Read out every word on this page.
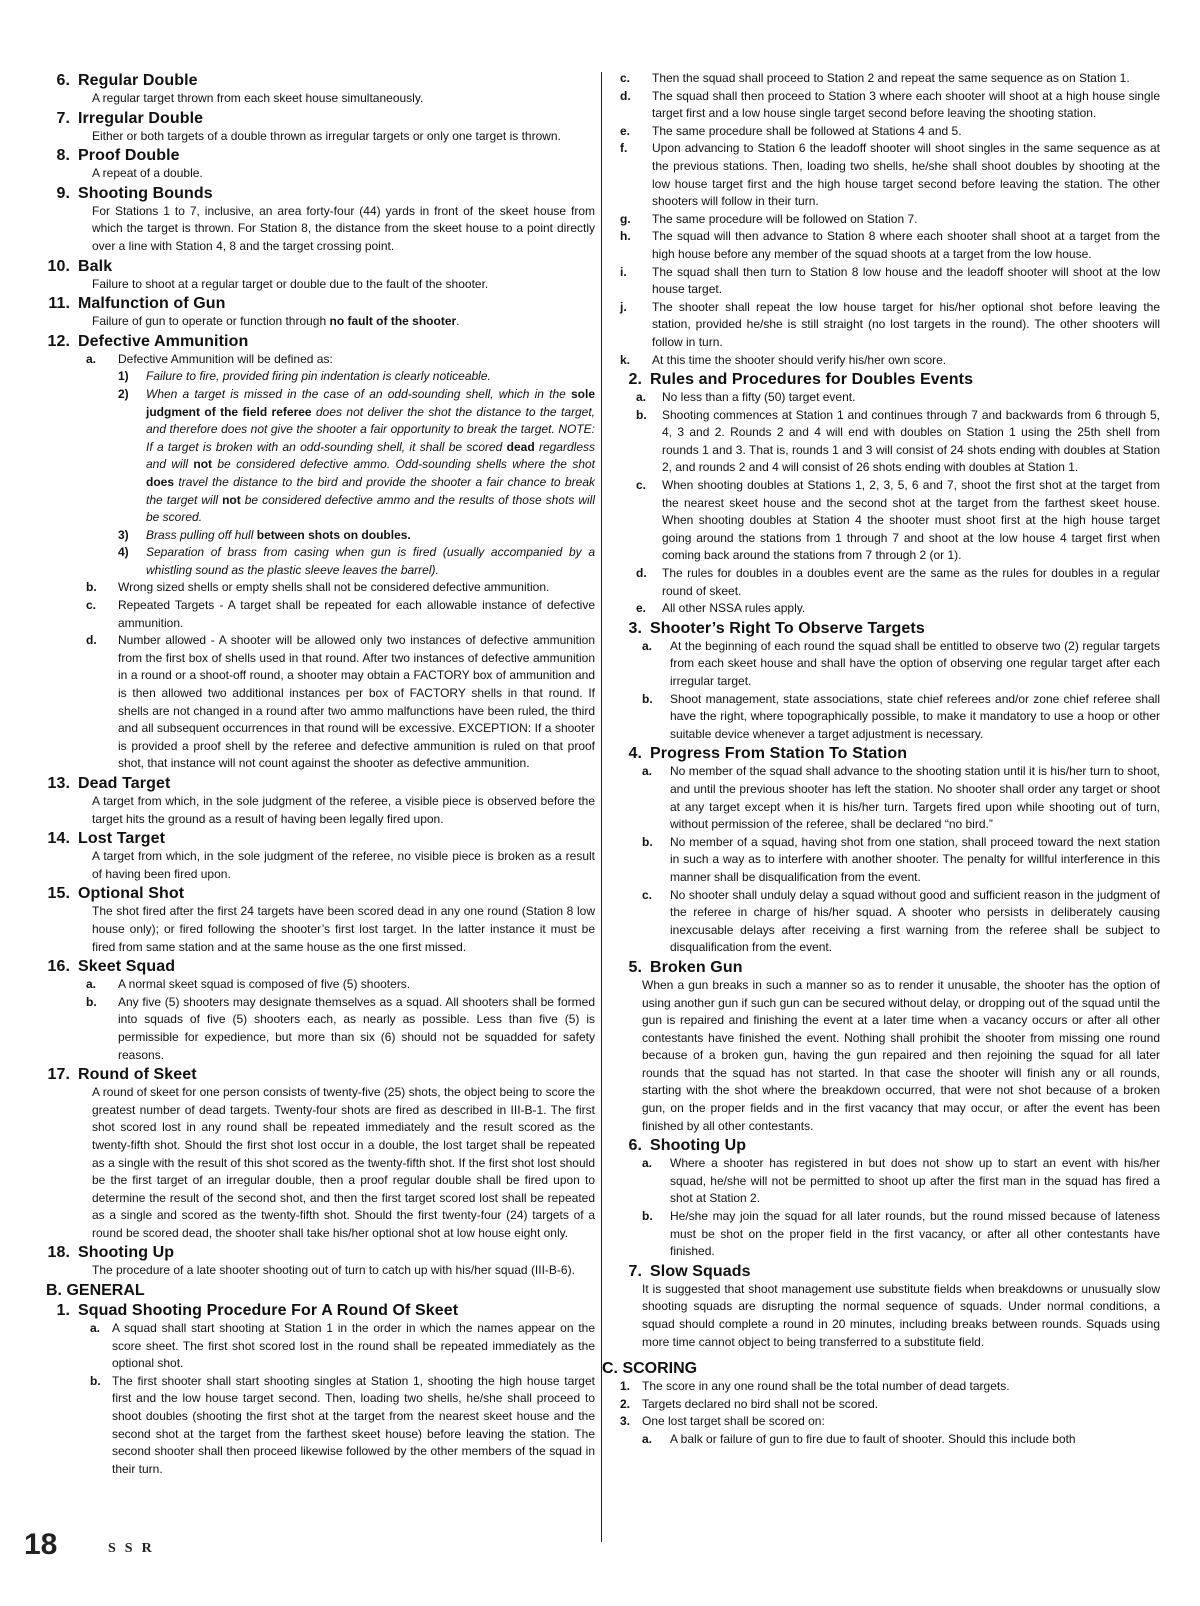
6. Regular Double
A regular target thrown from each skeet house simultaneously.
7. Irregular Double
Either or both targets of a double thrown as irregular targets or only one target is thrown.
8. Proof Double
A repeat of a double.
9. Shooting Bounds
For Stations 1 to 7, inclusive, an area forty-four (44) yards in front of the skeet house from which the target is thrown. For Station 8, the distance from the skeet house to a point directly over a line with Station 4, 8 and the target crossing point.
10. Balk
Failure to shoot at a regular target or double due to the fault of the shooter.
11. Malfunction of Gun
Failure of gun to operate or function through no fault of the shooter.
12. Defective Ammunition
a.	Defective Ammunition will be defined as:
1)	Failure to fire, provided firing pin indentation is clearly noticeable.
2)	When a target is missed in the case of an odd-sounding shell, which in the sole judgment of the field referee does not deliver the shot the distance to the target, and therefore does not give the shooter a fair opportunity to break the target. NOTE: If a target is broken with an odd-sounding shell, it shall be scored dead regardless and will not be considered defective ammo. Odd-sounding shells where the shot does travel the distance to the bird and provide the shooter a fair chance to break the target will not be considered defective ammo and the results of those shots will be scored.
3)	Brass pulling off hull between shots on doubles.
4)	Separation of brass from casing when gun is fired (usually accompanied by a whistling sound as the plastic sleeve leaves the barrel).
b.	Wrong sized shells or empty shells shall not be considered defective ammunition.
c.	Repeated Targets - A target shall be repeated for each allowable instance of defective ammunition.
d.	Number allowed - A shooter will be allowed only two instances of defective ammunition from the first box of shells used in that round. After two instances of defective ammunition in a round or a shoot-off round, a shooter may obtain a FACTORY box of ammunition and is then allowed two additional instances per box of FACTORY shells in that round. If shells are not changed in a round after two ammo malfunctions have been ruled, the third and all subsequent occurrences in that round will be excessive. EXCEPTION: If a shooter is provided a proof shell by the referee and defective ammunition is ruled on that proof shot, that instance will not count against the shooter as defective ammunition.
13. Dead Target
A target from which, in the sole judgment of the referee, a visible piece is observed before the target hits the ground as a result of having been legally fired upon.
14. Lost Target
A target from which, in the sole judgment of the referee, no visible piece is broken as a result of having been fired upon.
15. Optional Shot
The shot fired after the first 24 targets have been scored dead in any one round (Station 8 low house only); or fired following the shooter’s first lost target. In the latter instance it must be fired from same station and at the same house as the one first missed.
16. Skeet Squad
a.	A normal skeet squad is composed of five (5) shooters.
b.	Any five (5) shooters may designate themselves as a squad. All shooters shall be formed into squads of five (5) shooters each, as nearly as possible. Less than five (5) is permissible for expedience, but more than six (6) should not be squadded for safety reasons.
17. Round of Skeet
A round of skeet for one person consists of twenty-five (25) shots, the object being to score the greatest number of dead targets. Twenty-four shots are fired as described in III-B-1. The first shot scored lost in any round shall be repeated immediately and the result scored as the twenty-fifth shot. Should the first shot lost occur in a double, the lost target shall be repeated as a single with the result of this shot scored as the twenty-fifth shot. If the first shot lost should be the first target of an irregular double, then a proof regular double shall be fired upon to determine the result of the second shot, and then the first target scored lost shall be repeated as a single and scored as the twenty-fifth shot. Should the first twenty-four (24) targets of a round be scored dead, the shooter shall take his/her optional shot at low house eight only.
18. Shooting Up
The procedure of a late shooter shooting out of turn to catch up with his/her squad (III-B-6).
B. GENERAL
1. Squad Shooting Procedure For A Round Of Skeet
a. A squad shall start shooting at Station 1 in the order in which the names appear on the score sheet. The first shot scored lost in the round shall be repeated immediately as the optional shot.
b. The first shooter shall start shooting singles at Station 1, shooting the high house target first and the low house target second. Then, loading two shells, he/she shall proceed to shoot doubles (shooting the first shot at the target from the nearest skeet house and the second shot at the target from the farthest skeet house) before leaving the station. The second shooter shall then proceed likewise followed by the other members of the squad in their turn.
c.	Then the squad shall proceed to Station 2 and repeat the same sequence as on Station 1.
d.	The squad shall then proceed to Station 3 where each shooter will shoot at a high house single target first and a low house single target second before leaving the shooting station.
e.	The same procedure shall be followed at Stations 4 and 5.
f.	Upon advancing to Station 6 the leadoff shooter will shoot singles in the same sequence as at the previous stations. Then, loading two shells, he/she shall shoot doubles by shooting at the low house target first and the high house target second before leaving the station. The other shooters will follow in their turn.
g.	The same procedure will be followed on Station 7.
h.	The squad will then advance to Station 8 where each shooter shall shoot at a target from the high house before any member of the squad shoots at a target from the low house.
i.	The squad shall then turn to Station 8 low house and the leadoff shooter will shoot at the low house target.
j.	The shooter shall repeat the low house target for his/her optional shot before leaving the station, provided he/she is still straight (no lost targets in the round). The other shooters will follow in turn.
k.	At this time the shooter should verify his/her own score.
2. Rules and Procedures for Doubles Events
a.	No less than a fifty (50) target event.
b.	Shooting commences at Station 1 and continues through 7 and backwards from 6 through 5, 4, 3 and 2. Rounds 2 and 4 will end with doubles on Station 1 using the 25th shell from rounds 1 and 3. That is, rounds 1 and 3 will consist of 24 shots ending with doubles at Station 2, and rounds 2 and 4 will consist of 26 shots ending with doubles at Station 1.
c.	When shooting doubles at Stations 1, 2, 3, 5, 6 and 7, shoot the first shot at the target from the nearest skeet house and the second shot at the target from the farthest skeet house. When shooting doubles at Station 4 the shooter must shoot first at the high house target going around the stations from 1 through 7 and shoot at the low house 4 target first when coming back around the stations from 7 through 2 (or 1).
d.	The rules for doubles in a doubles event are the same as the rules for doubles in a regular round of skeet.
e.	All other NSSA rules apply.
3. Shooter’s Right To Observe Targets
a.	At the beginning of each round the squad shall be entitled to observe two (2) regular targets from each skeet house and shall have the option of observing one regular target after each irregular target.
b.	Shoot management, state associations, state chief referees and/or zone chief referee shall have the right, where topographically possible, to make it mandatory to use a hoop or other suitable device whenever a target adjustment is necessary.
4. Progress From Station To Station
a.	No member of the squad shall advance to the shooting station until it is his/her turn to shoot, and until the previous shooter has left the station. No shooter shall order any target or shoot at any target except when it is his/her turn. Targets fired upon while shooting out of turn, without permission of the referee, shall be declared “no bird.”
b.	No member of a squad, having shot from one station, shall proceed toward the next station in such a way as to interfere with another shooter. The penalty for willful interference in this manner shall be disqualification from the event.
c.	No shooter shall unduly delay a squad without good and sufficient reason in the judgment of the referee in charge of his/her squad. A shooter who persists in deliberately causing inexcusable delays after receiving a first warning from the referee shall be subject to disqualification from the event.
5. Broken Gun
When a gun breaks in such a manner so as to render it unusable, the shooter has the option of using another gun if such gun can be secured without delay, or dropping out of the squad until the gun is repaired and finishing the event at a later time when a vacancy occurs or after all other contestants have finished the event. Nothing shall prohibit the shooter from missing one round because of a broken gun, having the gun repaired and then rejoining the squad for all later rounds that the squad has not started. In that case the shooter will finish any or all rounds, starting with the shot where the breakdown occurred, that were not shot because of a broken gun, on the proper fields and in the first vacancy that may occur, or after the event has been finished by all other contestants.
6. Shooting Up
a.	Where a shooter has registered in but does not show up to start an event with his/her squad, he/she will not be permitted to shoot up after the first man in the squad has fired a shot at Station 2.
b.	He/she may join the squad for all later rounds, but the round missed because of lateness must be shot on the proper field in the first vacancy, or after all other contestants have finished.
7. Slow Squads
It is suggested that shoot management use substitute fields when breakdowns or unusually slow shooting squads are disrupting the normal sequence of squads. Under normal conditions, a squad should complete a round in 20 minutes, including breaks between rounds. Squads using more time cannot object to being transferred to a substitute field.
C. SCORING
1. The score in any one round shall be the total number of dead targets.
2. Targets declared no bird shall not be scored.
3. One lost target shall be scored on:
a.	A balk or failure of gun to fire due to fault of shooter. Should this include both
18	SSR
